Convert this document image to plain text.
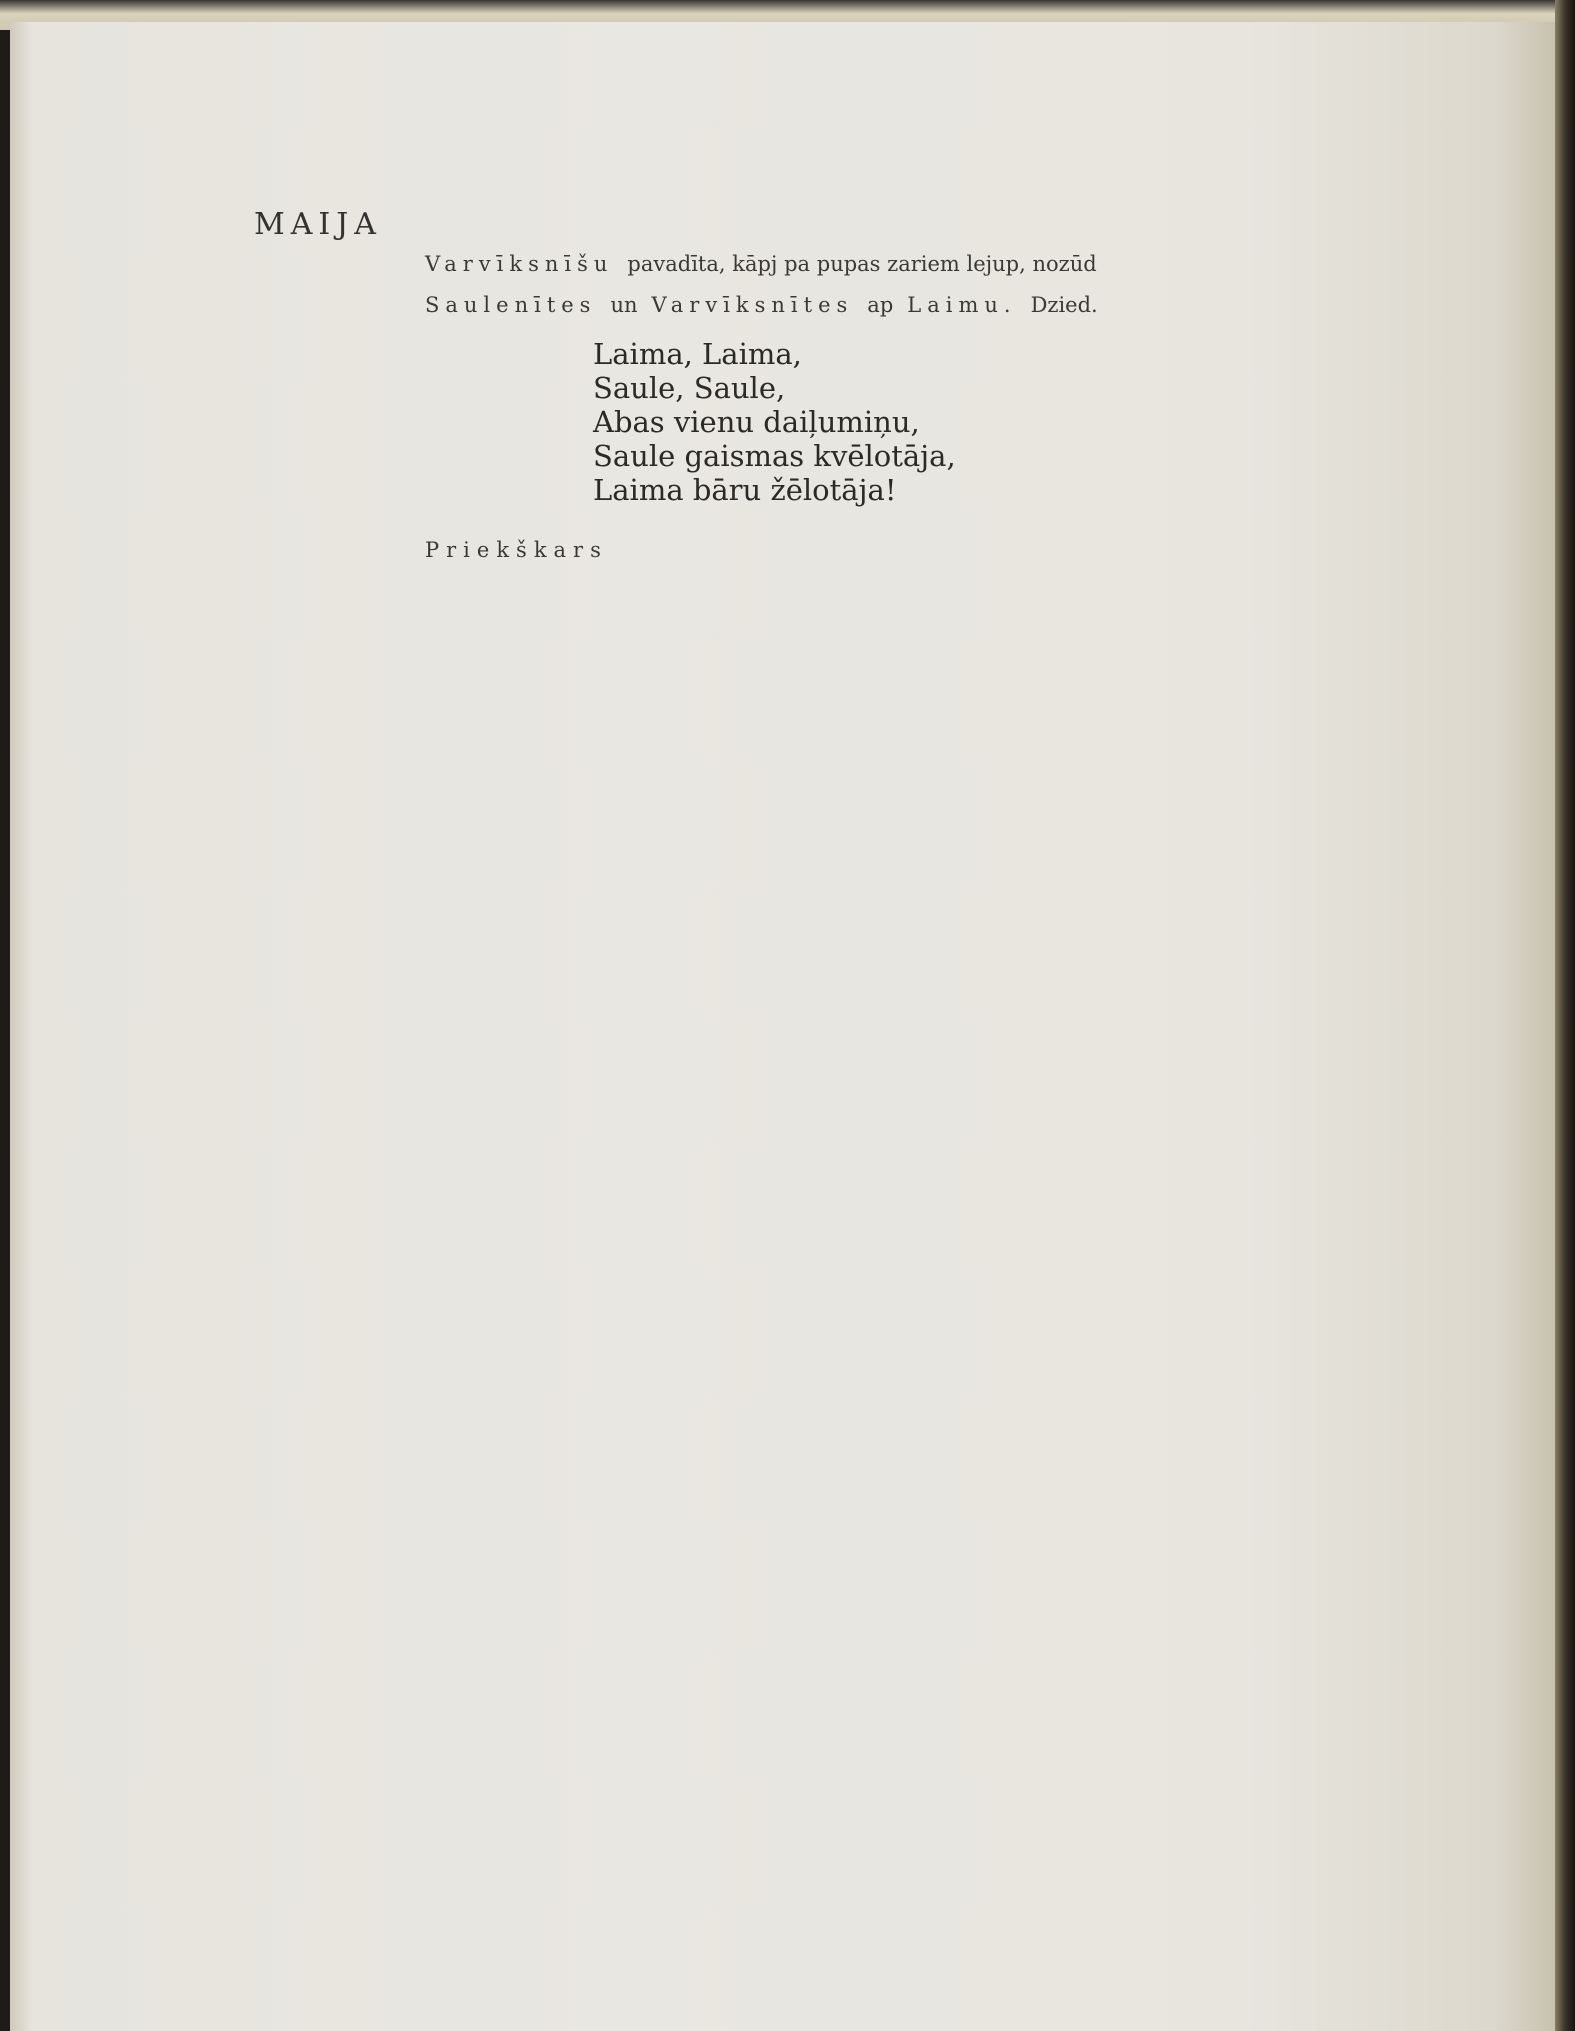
MAIJA
Varvīksnīšu pavadīta, kāpj pa pupas zariem lejup, nozūd
Saulenītes un Varvīksnītes ap Laimu. Dzied.
Laima, Laima,
Saule, Saule,
Abas vienu daiļumiņu,
Saule gaismas kvēlotāja,
Laima bāru žēlotāja!
Priekškars
